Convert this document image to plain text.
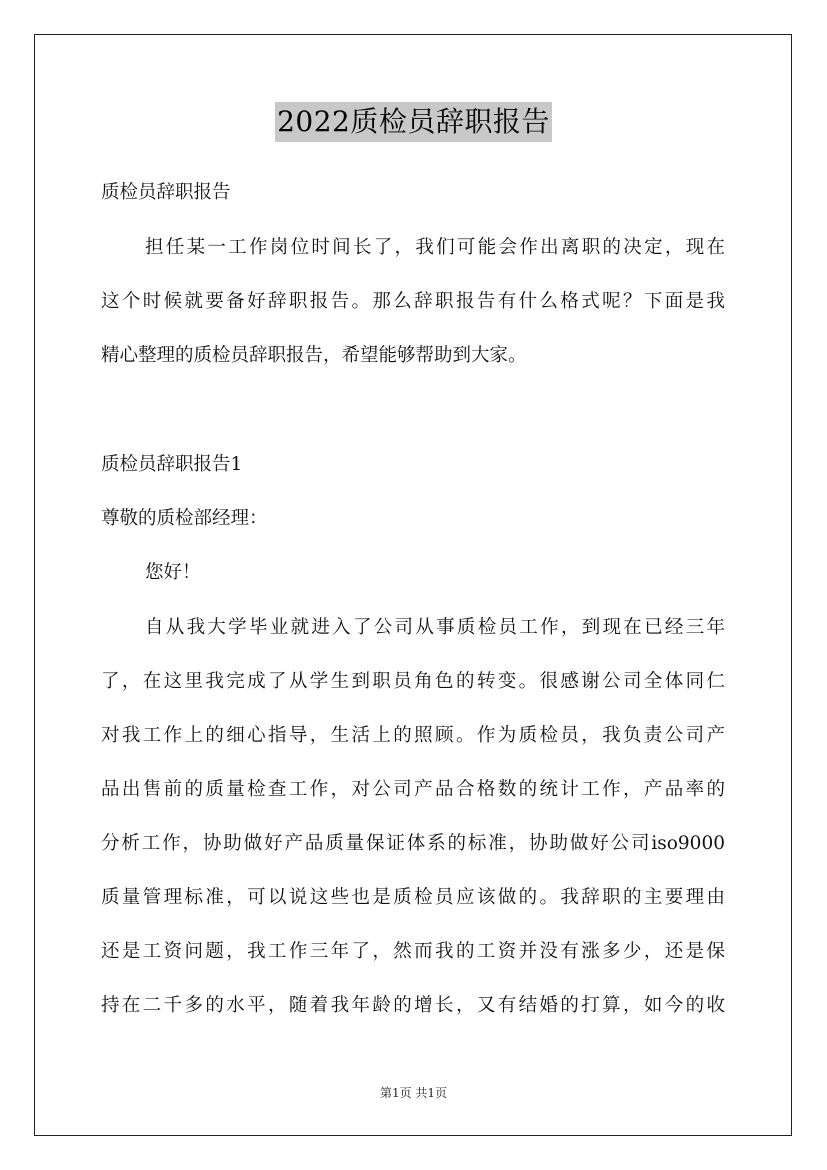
2022质检员辞职报告
质检员辞职报告
担任某一工作岗位时间长了，我们可能会作出离职的决定，现在
这个时候就要备好辞职报告。那么辞职报告有什么格式呢？下面是我
精心整理的质检员辞职报告，希望能够帮助到大家。
质检员辞职报告1
尊敬的质检部经理：
您好！
自从我大学毕业就进入了公司从事质检员工作，到现在已经三年
了，在这里我完成了从学生到职员角色的转变。很感谢公司全体同仁
对我工作上的细心指导，生活上的照顾。作为质检员，我负责公司产
品出售前的质量检查工作，对公司产品合格数的统计工作，产品率的
分析工作，协助做好产品质量保证体系的标准，协助做好公司iso9000
质量管理标准，可以说这些也是质检员应该做的。我辞职的主要理由
还是工资问题，我工作三年了，然而我的工资并没有涨多少，还是保
持在二千多的水平，随着我年龄的增长，又有结婚的打算，如今的收
第1页 共1页
